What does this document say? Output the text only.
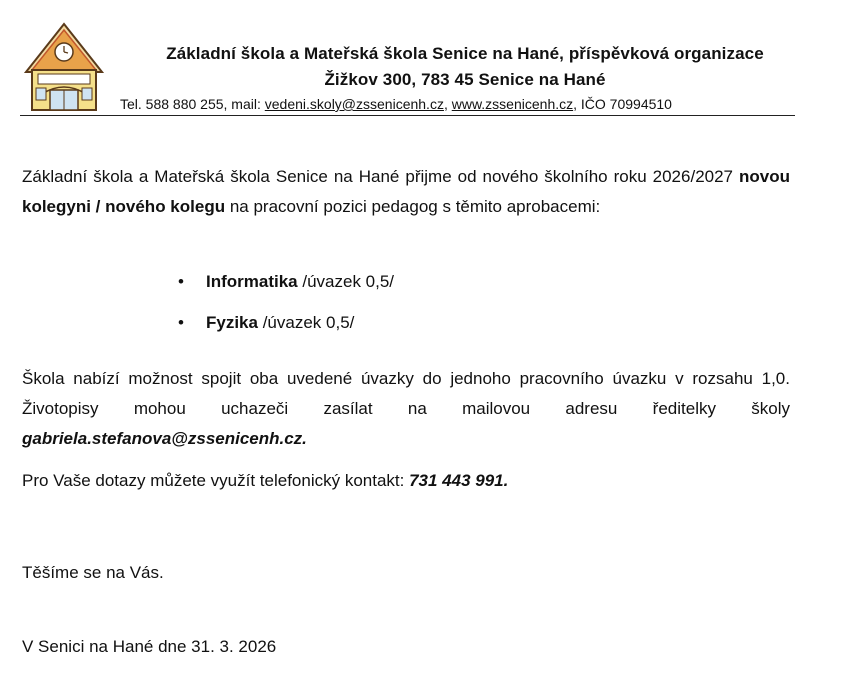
Základní škola a Mateřská škola Senice na Hané, příspěvková organizace
Žižkov 300, 783 45 Senice na Hané
Tel. 588 880 255, mail: vedeni.skoly@zssenicenh.cz, www.zssenicenh.cz, IČO 70994510
Základní škola a Mateřská škola Senice na Hané přijme od nového školního roku 2026/2027 novou kolegyni / nového kolegu na pracovní pozici pedagog s těmito aprobacemi:
• Informatika /úvazek 0,5/
• Fyzika /úvazek 0,5/
Škola nabízí možnost spojit oba uvedené úvazky do jednoho pracovního úvazku v rozsahu 1,0. Životopisy mohou uchazeči zasílat na mailovou adresu ředitelky školy gabriela.stefanova@zssenicenh.cz.
Pro Vaše dotazy můžete využít telefonický kontakt: 731 443 991.
Těšíme se na Vás.
V Senici na Hané dne 31. 3. 2026
